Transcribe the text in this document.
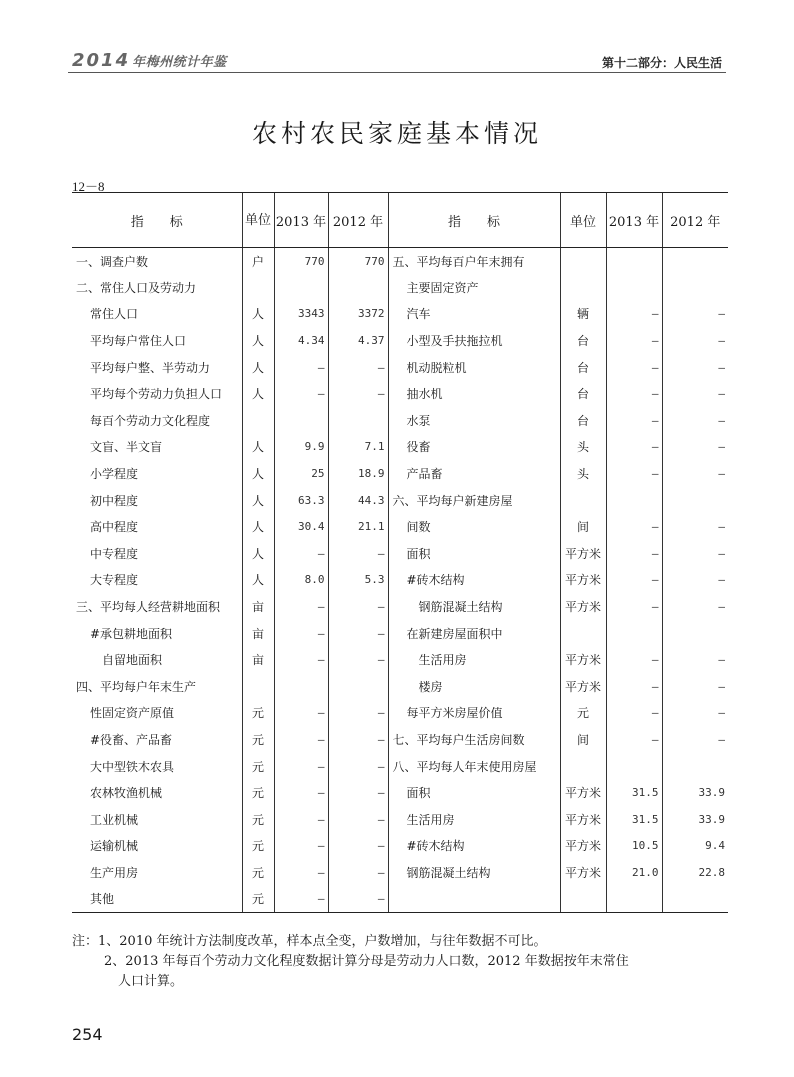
2014 年梅州统计年鉴	第十二部分：人民生活
农村农民家庭基本情况
12－8
指　　标	单位	2013 年	2012 年	指　　标	单位	2013 年	2012 年
一、调查户数	户	770	770	五、平均每百户年末拥有			
二、常住人口及劳动力				主要固定资产			
常住人口	人	3343	3372	汽车	辆	–	–
平均每户常住人口	人	4.34	4.37	小型及手扶拖拉机	台	–	–
平均每户整、半劳动力	人	–	–	机动脱粒机	台	–	–
平均每个劳动力负担人口	人	–	–	抽水机	台	–	–
每百个劳动力文化程度				水泵	台	–	–
文盲、半文盲	人	9.9	7.1	役畜	头	–	–
小学程度	人	25	18.9	产品畜	头	–	–
初中程度	人	63.3	44.3	六、平均每户新建房屋			
高中程度	人	30.4	21.1	间数	间	–	–
中专程度	人	–	–	面积	平方米	–	–
大专程度	人	8.0	5.3	#砖木结构	平方米	–	–
三、平均每人经营耕地面积	亩	–	–	钢筋混凝土结构	平方米	–	–
#承包耕地面积	亩	–	–	在新建房屋面积中			
自留地面积	亩	–	–	生活用房	平方米	–	–
四、平均每户年末生产				楼房	平方米	–	–
性固定资产原值	元	–	–	每平方米房屋价值	元	–	–
#役畜、产品畜	元	–	–	七、平均每户生活房间数	间	–	–
大中型铁木农具	元	–	–	八、平均每人年末使用房屋			
农林牧渔机械	元	–	–	面积	平方米	31.5	33.9
工业机械	元	–	–	生活用房	平方米	31.5	33.9
运输机械	元	–	–	#砖木结构	平方米	10.5	9.4
生产用房	元	–	–	钢筋混凝土结构	平方米	21.0	22.8
其他	元	–	–				
注：1、2010 年统计方法制度改革，样本点全变，户数增加，与往年数据不可比。
2、2013 年每百个劳动力文化程度数据计算分母是劳动力人口数，2012 年数据按年末常住
人口计算。
254
